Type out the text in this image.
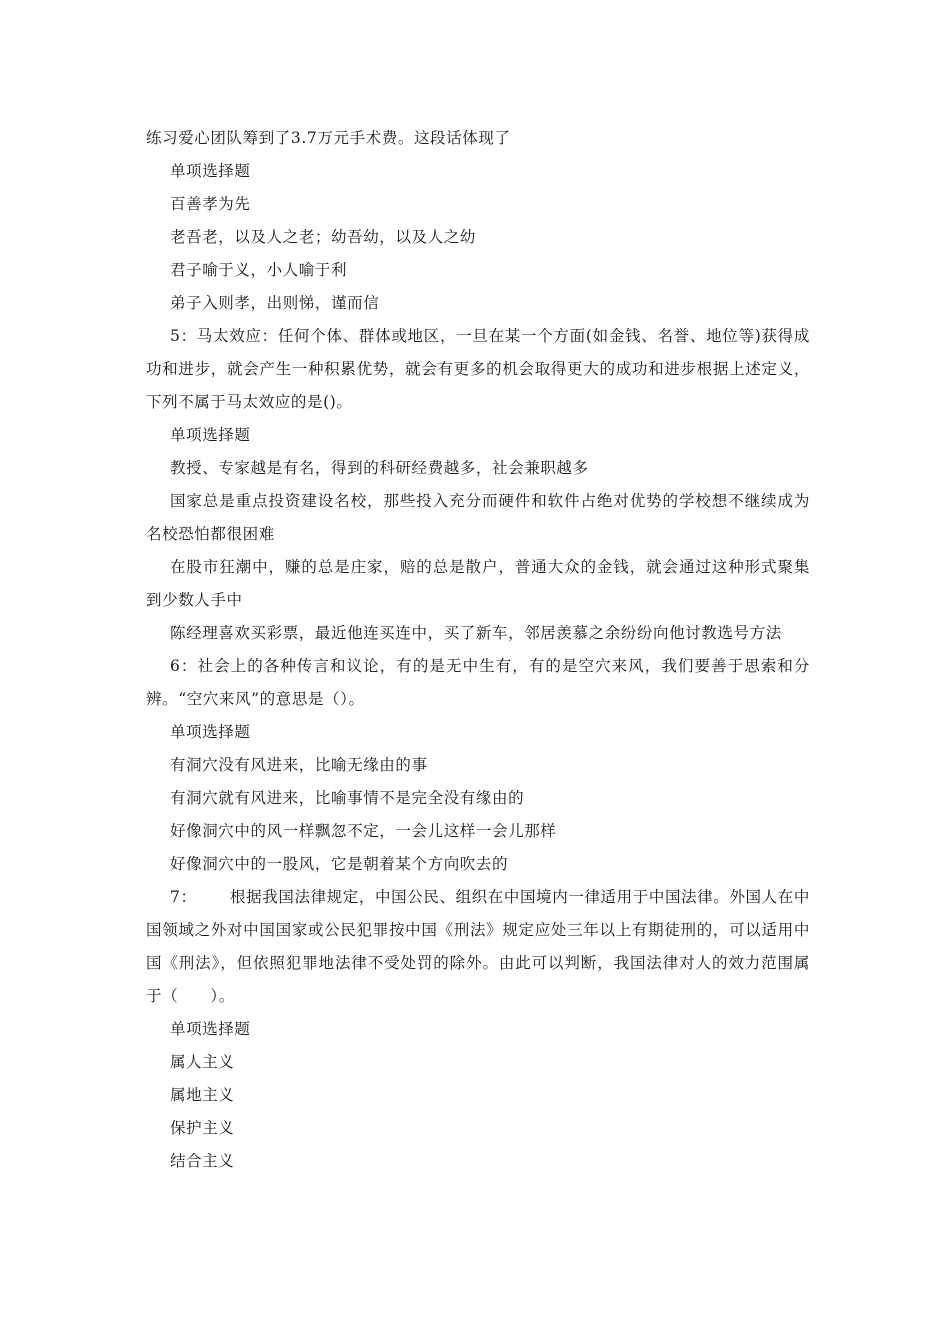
练习爱心团队筹到了3.7万元手术费。这段话体现了
单项选择题
百善孝为先
老吾老，以及人之老；幼吾幼，以及人之幼
君子喻于义，小人喻于利
弟子入则孝，出则悌，谨而信
5：马太效应：任何个体、群体或地区，一旦在某一个方面(如金钱、名誉、地位等)获得成功和进步，就会产生一种积累优势，就会有更多的机会取得更大的成功和进步根据上述定义，下列不属于马太效应的是()。
单项选择题
教授、专家越是有名，得到的科研经费越多，社会兼职越多
国家总是重点投资建设名校，那些投入充分而硬件和软件占绝对优势的学校想不继续成为名校恐怕都很困难
在股市狂潮中，赚的总是庄家，赔的总是散户，普通大众的金钱，就会通过这种形式聚集到少数人手中
陈经理喜欢买彩票，最近他连买连中，买了新车，邻居羡慕之余纷纷向他讨教选号方法
6：社会上的各种传言和议论，有的是无中生有，有的是空穴来风，我们要善于思索和分辨。“空穴来风”的意思是（）。
单项选择题
有洞穴没有风进来，比喻无缘由的事
有洞穴就有风进来，比喻事情不是完全没有缘由的
好像洞穴中的风一样飘忽不定，一会儿这样一会儿那样
好像洞穴中的一股风，它是朝着某个方向吹去的
7： 根据我国法律规定，中国公民、组织在中国境内一律适用于中国法律。外国人在中国领域之外对中国国家或公民犯罪按中国《刑法》规定应处三年以上有期徒刑的，可以适用中国《刑法》，但依照犯罪地法律不受处罚的除外。由此可以判断，我国法律对人的效力范围属于（　　）。
单项选择题
属人主义
属地主义
保护主义
结合主义
